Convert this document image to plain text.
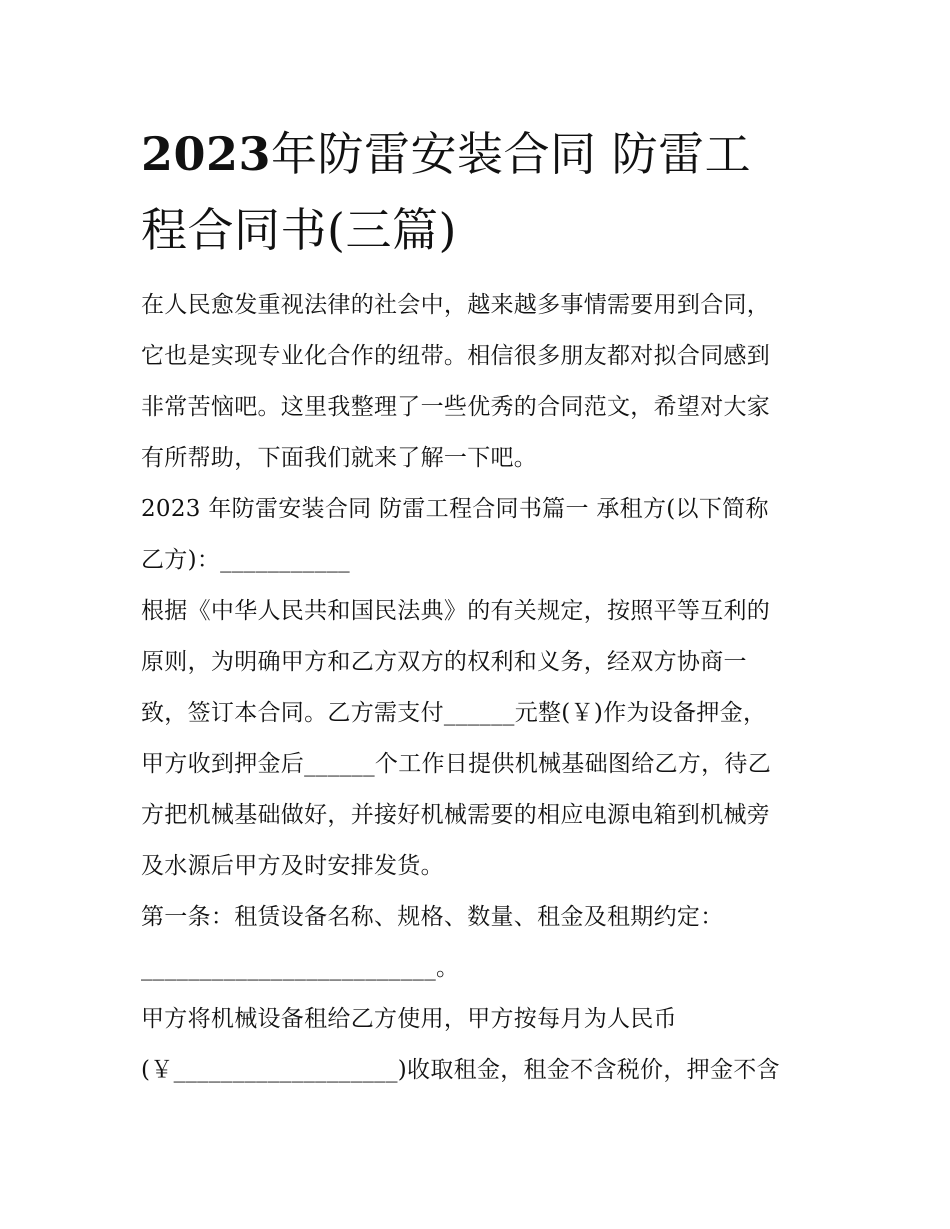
2023年防雷安装合同 防雷工
程合同书(三篇)
在人民愈发重视法律的社会中，越来越多事情需要用到合同，
它也是实现专业化合作的纽带。相信很多朋友都对拟合同感到
非常苦恼吧。这里我整理了一些优秀的合同范文，希望对大家
有所帮助，下面我们就来了解一下吧。
2023 年防雷安装合同 防雷工程合同书篇一 承租方(以下简称
乙方)：___________
根据《中华人民共和国民法典》的有关规定，按照平等互利的
原则，为明确甲方和乙方双方的权利和义务，经双方协商一
致，签订本合同。乙方需支付______元整(￥)作为设备押金，
甲方收到押金后______个工作日提供机械基础图给乙方，待乙
方把机械基础做好，并接好机械需要的相应电源电箱到机械旁
及水源后甲方及时安排发货。
第一条：租赁设备名称、规格、数量、租金及租期约定：
_________________________。
甲方将机械设备租给乙方使用，甲方按每月为人民币
(￥___________________)收取租金，租金不含税价，押金不含
